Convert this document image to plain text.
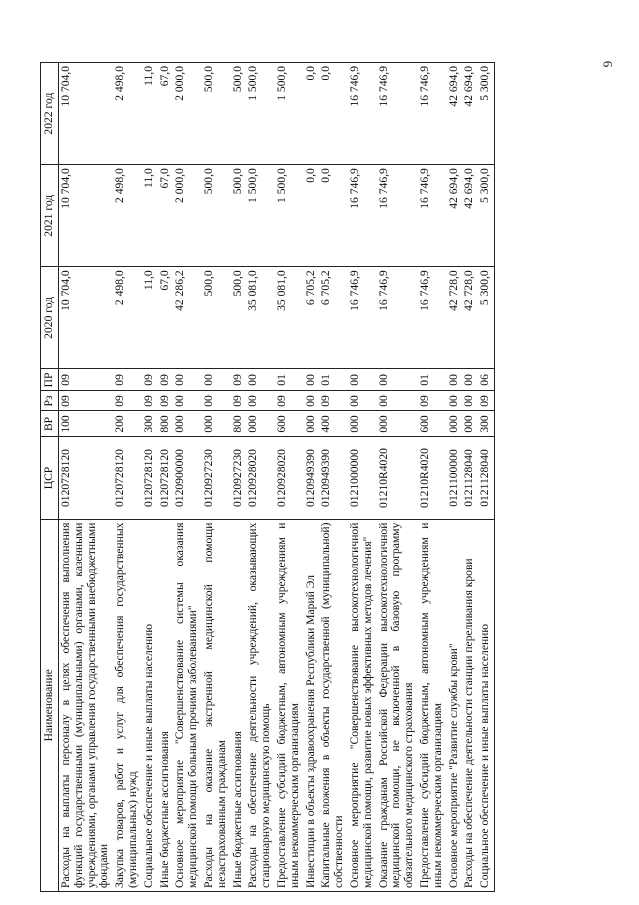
6
Наименование	ЦСР	ВР	Рз	ПР	2020 год	2021 год	2022 год
Расходы на выплаты персоналу в целях обеспечения выполнения функций государственными (муниципальными) органами, казенными учреждениями, органами управления государственными внебюджетными фондами	0120728120	100	09	09	10 704,0	10 704,0	10 704,0
Закупка товаров, работ и услуг для обеспечения государственных (муниципальных) нужд	0120728120	200	09	09	2 498,0	2 498,0	2 498,0
Социальное обеспечение и иные выплаты населению	0120728120	300	09	09	11,0	11,0	11,0
Иные бюджетные ассигнования	0120728120	800	09	09	67,0	67,0	67,0
Основное мероприятие "Совершенствование системы оказания медицинской помощи больным прочими заболеваниями"	0120900000	000	00	00	42 286,2	2 000,0	2 000,0
Расходы на оказание экстренной медицинской помощи незастрахованным гражданам	0120927230	000	00	00	500,0	500,0	500,0
Иные бюджетные ассигнования	0120927230	800	09	09	500,0	500,0	500,0
Расходы на обеспечение деятельности учреждений, оказывающих стационарную медицинскую помощь	0120928020	000	00	00	35 081,0	1 500,0	1 500,0
Предоставление субсидий бюджетным, автономным учреждениям и иным некоммерческим организациям	0120928020	600	09	01	35 081,0	1 500,0	1 500,0
Инвестиции в объекты здравоохранения Республики Марий Эл	0120949390	000	00	00	6 705,2	0,0	0,0
Капитальные вложения в объекты государственной (муниципальной) собственности	0120949390	400	09	01	6 705,2	0,0	0,0
Основное мероприятие "Совершенствование высокотехнологичной медицинской помощи, развитие новых эффективных методов лечения"	0121000000	000	00	00	16 746,9	16 746,9	16 746,9
Оказание гражданам Российской Федерации высокотехнологичной медицинской помощи, не включенной в базовую программу обязательного медицинского страхования	01210R4020	000	00	00	16 746,9	16 746,9	16 746,9
Предоставление субсидий бюджетным, автономным учреждениям и иным некоммерческим организациям	01210R4020	600	09	01	16 746,9	16 746,9	16 746,9
Основное мероприятие "Развитие службы крови"	0121100000	000	00	00	42 728,0	42 694,0	42 694,0
Расходы на обеспечение деятельности станции переливания крови	0121128040	000	00	00	42 728,0	42 694,0	42 694,0
Социальное обеспечение и иные выплаты населению	0121128040	300	09	06	5 300,0	5 300,0	5 300,0
